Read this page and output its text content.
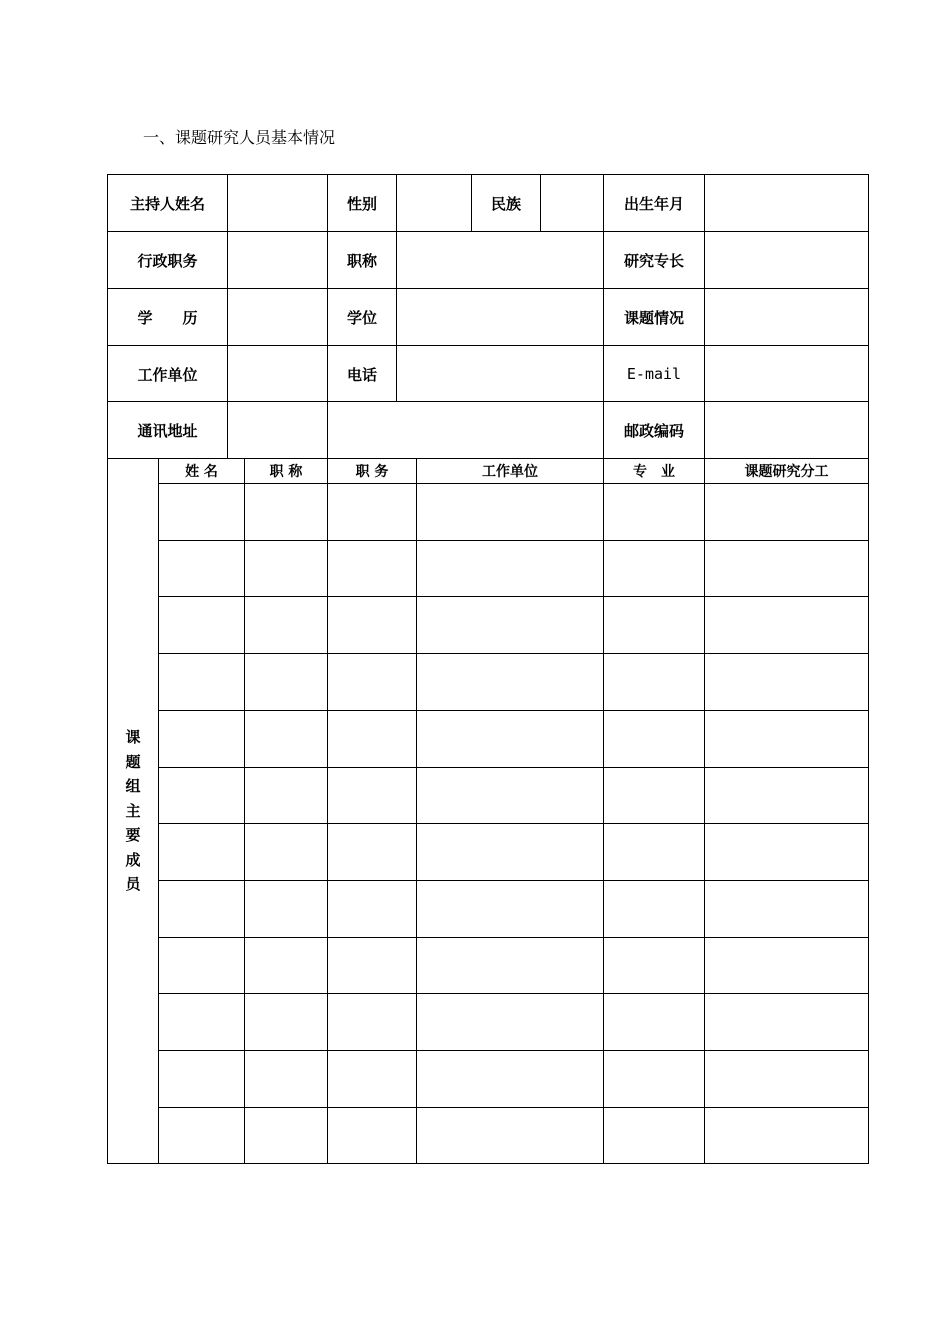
一、课题研究人员基本情况
主持人姓名	性别	民族	出生年月
行政职务	职称	研究专长
学　　历	学位	课题情况
工作单位	电话	E-mail
通讯地址	邮政编码
课题组主要成员
姓 名	职 称	职 务	工作单位	专　业	课题研究分工
